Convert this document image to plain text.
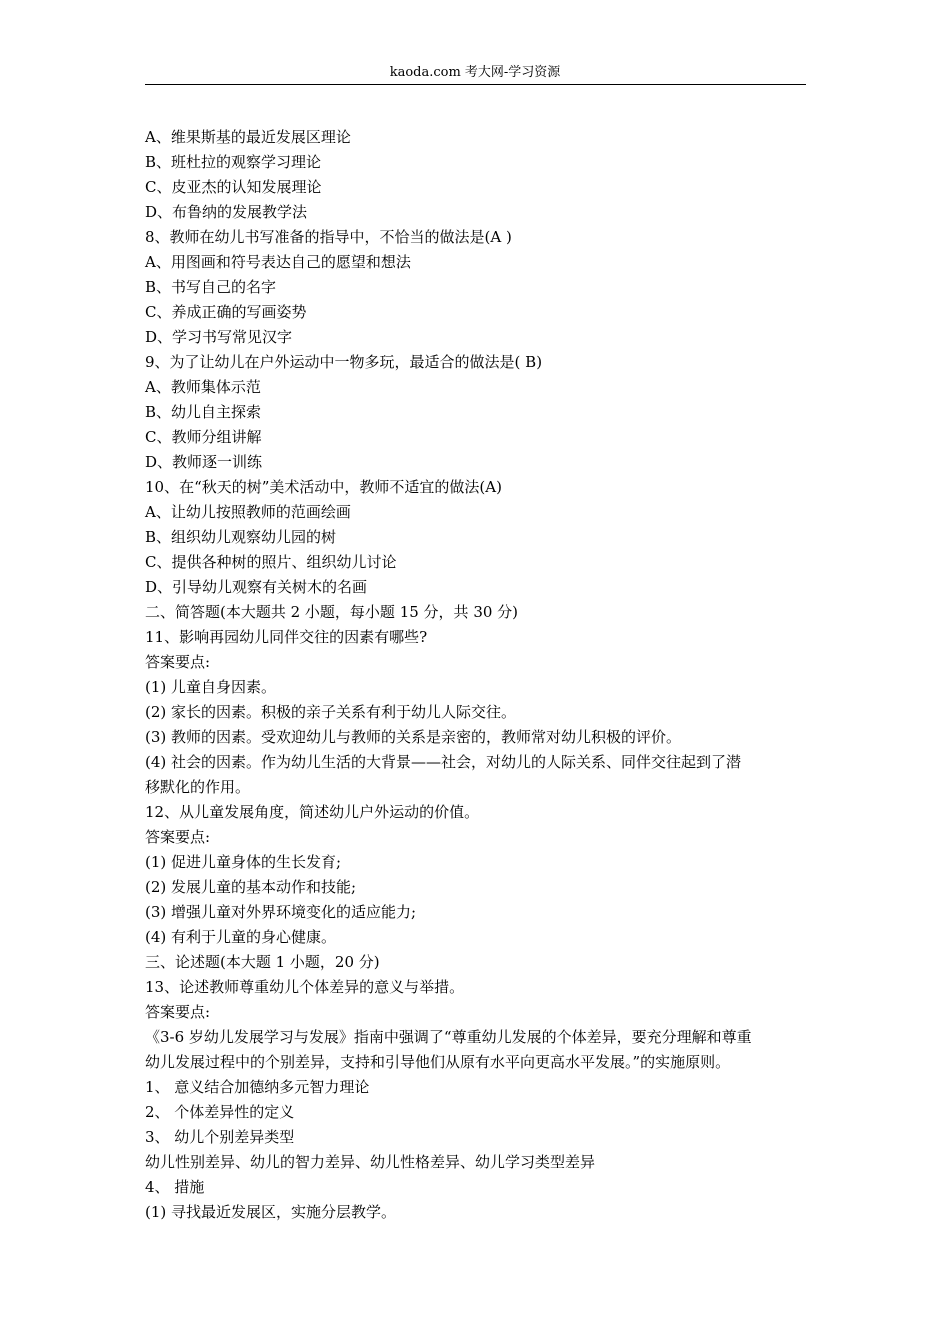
kaoda.com 考大网-学习资源
A、维果斯基的最近发展区理论
B、班杜拉的观察学习理论
C、皮亚杰的认知发展理论
D、布鲁纳的发展教学法
8、教师在幼儿书写准备的指导中，不恰当的做法是(A )
A、用图画和符号表达自己的愿望和想法
B、书写自己的名字
C、养成正确的写画姿势
D、学习书写常见汉字
9、为了让幼儿在户外运动中一物多玩，最适合的做法是( B)
A、教师集体示范
B、幼儿自主探索
C、教师分组讲解
D、教师逐一训练
10、在“秋天的树”美术活动中，教师不适宜的做法(A)
A、让幼儿按照教师的范画绘画
B、组织幼儿观察幼儿园的树
C、提供各种树的照片、组织幼儿讨论
D、引导幼儿观察有关树木的名画
二、简答题(本大题共 2 小题，每小题 15 分，共 30 分)
11、影响再园幼儿同伴交往的因素有哪些?
答案要点:
(1) 儿童自身因素。
(2) 家长的因素。积极的亲子关系有利于幼儿人际交往。
(3) 教师的因素。受欢迎幼儿与教师的关系是亲密的，教师常对幼儿积极的评价。
(4) 社会的因素。作为幼儿生活的大背景——社会，对幼儿的人际关系、同伴交往起到了潜
移默化的作用。
12、从儿童发展角度，简述幼儿户外运动的价值。
答案要点:
(1) 促进儿童身体的生长发育;
(2) 发展儿童的基本动作和技能;
(3) 增强儿童对外界环境变化的适应能力;
(4) 有利于儿童的身心健康。
三、论述题(本大题 1 小题，20 分)
13、论述教师尊重幼儿个体差异的意义与举措。
答案要点:
《3-6 岁幼儿发展学习与发展》指南中强调了“尊重幼儿发展的个体差异，要充分理解和尊重
幼儿发展过程中的个别差异，支持和引导他们从原有水平向更高水平发展。”的实施原则。
1、 意义结合加德纳多元智力理论
2、 个体差异性的定义
3、 幼儿个别差异类型
幼儿性别差异、幼儿的智力差异、幼儿性格差异、幼儿学习类型差异
4、 措施
(1) 寻找最近发展区，实施分层教学。
